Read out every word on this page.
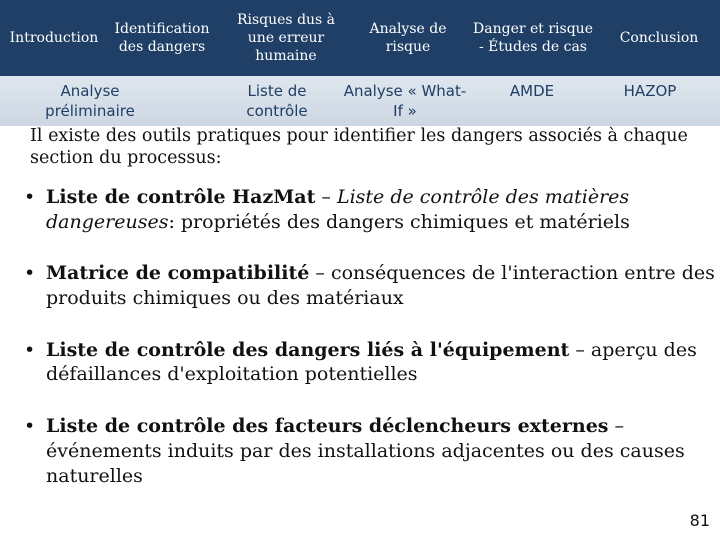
Introduction
Identification des dangers
Risques dus à une erreur humaine
Analyse de risque
Danger et risque - Études de cas
Conclusion
Analyse préliminaire
Liste de contrôle
Analyse « What-If »
AMDE	HAZOP
Il existe des outils pratiques pour identifier les dangers associés à chaque section du processus:
• Liste de contrôle HazMat – Liste de contrôle des matières dangereuses: propriétés des dangers chimiques et matériels
• Matrice de compatibilité – conséquences de l'interaction entre des produits chimiques ou des matériaux
• Liste de contrôle des dangers liés à l'équipement – aperçu des défaillances d'exploitation potentielles
• Liste de contrôle des facteurs déclencheurs externes – événements induits par des installations adjacentes ou des causes naturelles
81
